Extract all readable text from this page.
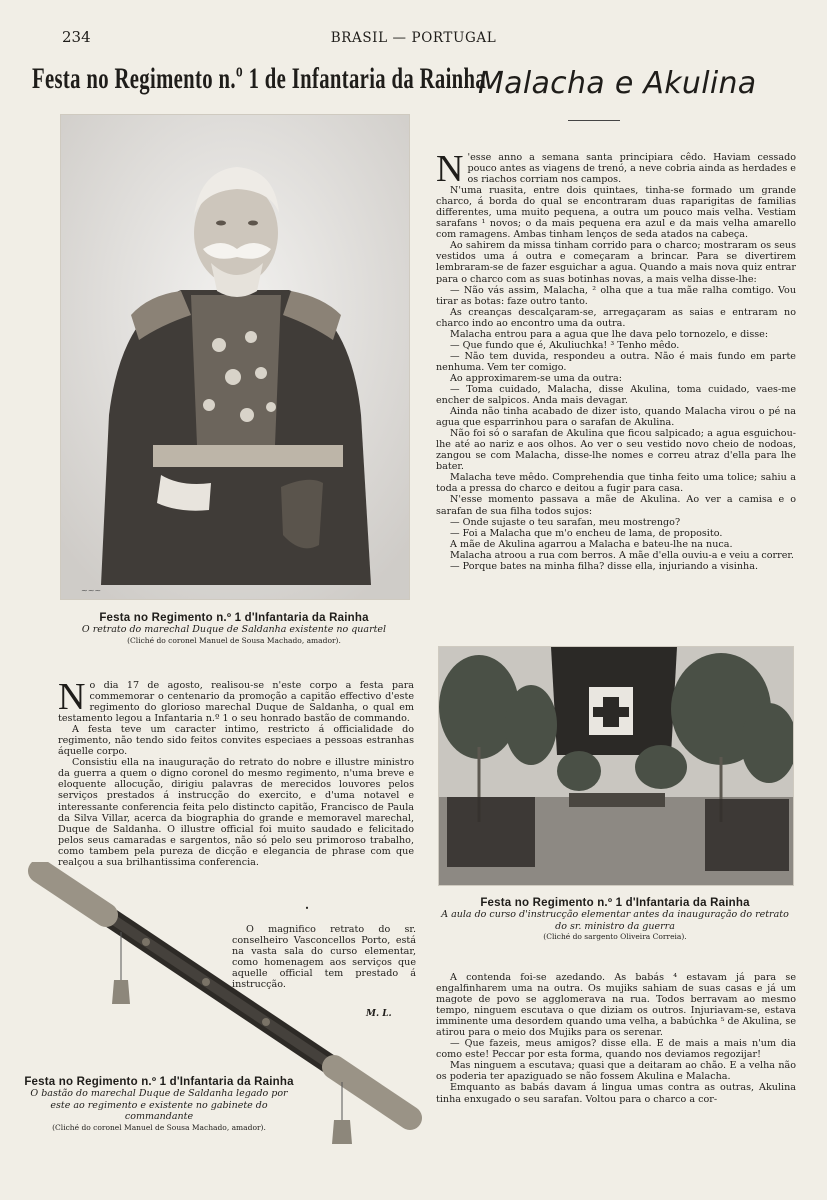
234	BRASIL — PORTUGAL
Festa no Regimento n.º 1 de Infantaria da Rainha
Malacha e Akulina
~~~
Festa no Regimento n.º 1 d'Infantaria da Rainha
O retrato do marechal Duque de Saldanha existente no quartel
(Cliché do coronel Manuel de Sousa Machado, amador).
N o dia 17 de agosto, realisou-se n'este corpo a festa para commemorar o centenario da promoção a capitão effectivo d'este regimento do glorioso marechal Duque de Saldanha, o qual em testamento legou a Infantaria n.º 1 o seu honrado bastão de commando.

A festa teve um caracter intimo, restricto á officialidade do regimento, não tendo sido feitos convites especiaes a pessoas estranhas áquelle corpo.

Consistiu ella na inauguração do retrato do nobre e illustre ministro da guerra a quem o digno coronel do mesmo regimento, n'uma breve e eloquente allocução, dirigiu palavras de merecidos louvores pelos serviços prestados á instrucção do exercito, e d'uma notavel e interessante conferencia feita pelo distincto capitão, Francisco de Paula da Silva Villar, acerca da biographia do grande e memoravel marechal, Duque de Saldanha. O illustre official foi muito saudado e felicitado pelos seus camaradas e sargentos, não só pelo seu primoroso trabalho, como tambem pela pureza de dicção e elegancia de phrase com que realçou a sua brilhantissima conferencia.

•

O magnifico retrato do sr. conselheiro Vasconcellos Porto, está na vasta sala do curso elementar, como homenagem aos serviços que aquelle official tem prestado á instrucção.

M. L.
Festa no Regimento n.º 1 d'Infantaria da Rainha
O bastão do marechal Duque de Saldanha legado por este ao regimento e existente no gabinete do commandante
(Cliché do coronel Manuel de Sousa Machado, amador).
N 'esse anno a semana santa principiara cêdo. Haviam cessado pouco antes as viagens de trenó, a neve cobria ainda as herdades e os riachos corriam nos campos.

N'uma ruasita, entre dois quintaes, tinha-se formado um grande charco, á borda do qual se encontraram duas raparigitas de familias differentes, uma muito pequena, a outra um pouco mais velha. Vestiam sarafans ¹ novos; o da mais pequena era azul e da mais velha amarello com ramagens. Ambas tinham lenços de seda atados na cabeça.

Ao sahirem da missa tinham corrido para o charco; mostraram os seus vestidos uma á outra e começaram a brincar. Para se divertirem lembraram-se de fazer esguichar a agua. Quando a mais nova quiz entrar para o charco com as suas botinhas novas, a mais velha disse-lhe:

— Não vás assim, Malacha, ² olha que a tua mãe ralha comtigo. Vou tirar as botas: faze outro tanto.

As creanças descalçaram-se, arregaçaram as saias e entraram no charco indo ao encontro uma da outra.

Malacha entrou para a agua que lhe dava pelo tornozelo, e disse:

— Que fundo que é, Akuliuchka! ³ Tenho mêdo.

— Não tem duvida, respondeu a outra. Não é mais fundo em parte nenhuma. Vem ter comigo.

Ao approximarem-se uma da outra:

— Toma cuidado, Malacha, disse Akulina, toma cuidado, vaes-me encher de salpicos. Anda mais devagar.

Ainda não tinha acabado de dizer isto, quando Malacha virou o pé na agua que esparrinhou para o sarafan de Akulina.

Não foi só o sarafan de Akulina que ficou salpicado; a agua esguichou-lhe até ao nariz e aos olhos. Ao ver o seu vestido novo cheio de nodoas, zangou se com Malacha, disse-lhe nomes e correu atraz d'ella para lhe bater.

Malacha teve mêdo. Comprehendia que tinha feito uma tolice; sahiu a toda a pressa do charco e deitou a fugir para casa.

N'esse momento passava a mãe de Akulina. Ao ver a camisa e o sarafan de sua filha todos sujos:

— Onde sujaste o teu sarafan, meu mostrengo?

— Foi a Malacha que m'o encheu de lama, de proposito.

A mãe de Akulina agarrou a Malacha e bateu-lhe na nuca.

Malacha atroou a rua com berros. A mãe d'ella ouviu-a e veiu a correr.

— Porque bates na minha filha? disse ella, injuriando a visinha.

Festa no Regimento n.º 1 d'Infantaria da Rainha
A aula do curso d'instrucção elementar antes da inauguração do retrato do sr. ministro da guerra
(Cliché do sargento Oliveira Correia).

A contenda foi-se azedando. As babás ⁴ estavam já para se engalfinharem uma na outra. Os mujiks sahiam de suas casas e já um magote de povo se agglomerava na rua. Todos berravam ao mesmo tempo, ninguem escutava o que diziam os outros. Injuriavam-se, estava imminente uma desordem quando uma velha, a babúchka ⁵ de Akulina, se atirou para o meio dos Mujiks para os serenar.

— Que fazeis, meus amigos? disse ella. E de mais a mais n'um dia como este! Peccar por esta forma, quando nos deviamos regozijar!

Mas ninguem a escutava; quasi que a deitaram ao chão. E a velha não os poderia ter apaziguado se não fossem Akulina e Malacha.

Emquanto as babás davam á lingua umas contra as outras, Akulina tinha enxugado o seu sarafan. Voltou para o charco a cor-
